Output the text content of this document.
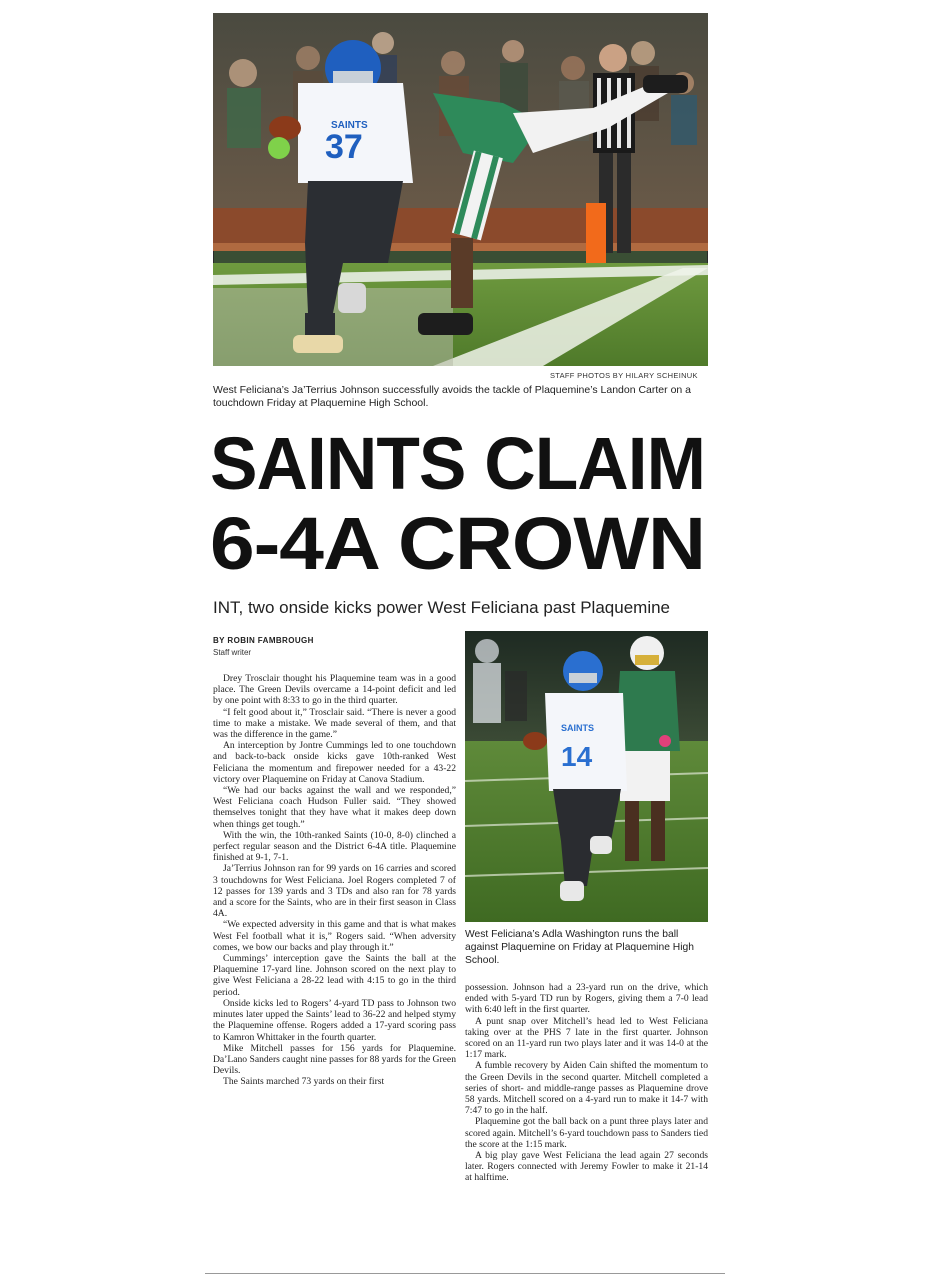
37
SAINTS
STAFF PHOTOS BY HILARY SCHEINUK
West Feliciana’s Ja’Terrius Johnson successfully avoids the tackle of Plaquemine’s Landon Carter on a touchdown Friday at Plaquemine High School.
SAINTS CLAIM
6-4A CROWN
INT, two onside kicks power West Feliciana past Plaquemine
BY ROBIN FAMBROUGH
Staff writer
14
SAINTS
West Feliciana’s Adla Washington runs the ball against Plaquemine on Friday at Plaquemine High School.

Drey Trosclair thought his Plaquemine team was in a good place. The Green Devils overcame a 14-point deficit and led by one point with 8:33 to go in the third quarter.

“I felt good about it,” Trosclair said. “There is never a good time to make a mistake. We made several of them, and that was the difference in the game.”

An interception by Jontre Cummings led to one touchdown and back-to-back onside kicks gave 10th-ranked West Feliciana the momentum and firepower needed for a 43-22 victory over Plaquemine on Friday at Canova Stadium.

“We had our backs against the wall and we responded,” West Feliciana coach Hudson Fuller said. “They showed themselves tonight that they have what it makes deep down when things get tough.”

With the win, the 10th-ranked Saints (10-0, 8-0) clinched a perfect regular season and the District 6-4A title. Plaquemine finished at 9-1, 7-1.

Ja’Terrius Johnson ran for 99 yards on 16 carries and scored 3 touchdowns for West Feliciana. Joel Rogers completed 7 of 12 passes for 139 yards and 3 TDs and also ran for 78 yards and a score for the Saints, who are in their first season in Class 4A.

“We expected adversity in this game and that is what makes West Fel football what it is,” Rogers said. “When adversity comes, we bow our backs and play through it.”

Cummings’ interception gave the Saints the ball at the Plaquemine 17-yard line. Johnson scored on the next play to give West Feliciana a 28-22 lead with 4:15 to go in the third period.

Onside kicks led to Rogers’ 4-yard TD pass to Johnson two minutes later upped the Saints’ lead to 36-22 and helped stymy the Plaquemine offense. Rogers added a 17-yard scoring pass to Kamron Whittaker in the fourth quarter.

Mike Mitchell passes for 156 yards for Plaquemine. Da’Lano Sanders caught nine passes for 88 yards for the Green Devils.

The Saints marched 73 yards on their first

possession. Johnson had a 23-yard run on the drive, which ended with 5-yard TD run by Rogers, giving them a 7-0 lead with 6:40 left in the first quarter.

A punt snap over Mitchell’s head led to West Feliciana taking over at the PHS 7 late in the first quarter. Johnson scored on an 11-yard run two plays later and it was 14-0 at the 1:17 mark.

A fumble recovery by Aiden Cain shifted the momentum to the Green Devils in the second quarter. Mitchell completed a series of short- and middle-range passes as Plaquemine drove 58 yards. Mitchell scored on a 4-yard run to make it 14-7 with 7:47 to go in the half.

Plaquemine got the ball back on a punt three plays later and scored again. Mitchell’s 6-yard touchdown pass to Sanders tied the score at the 1:15 mark.

A big play gave West Feliciana the lead again 27 seconds later. Rogers connected with Jeremy Fowler to make it 21-14 at halftime.
